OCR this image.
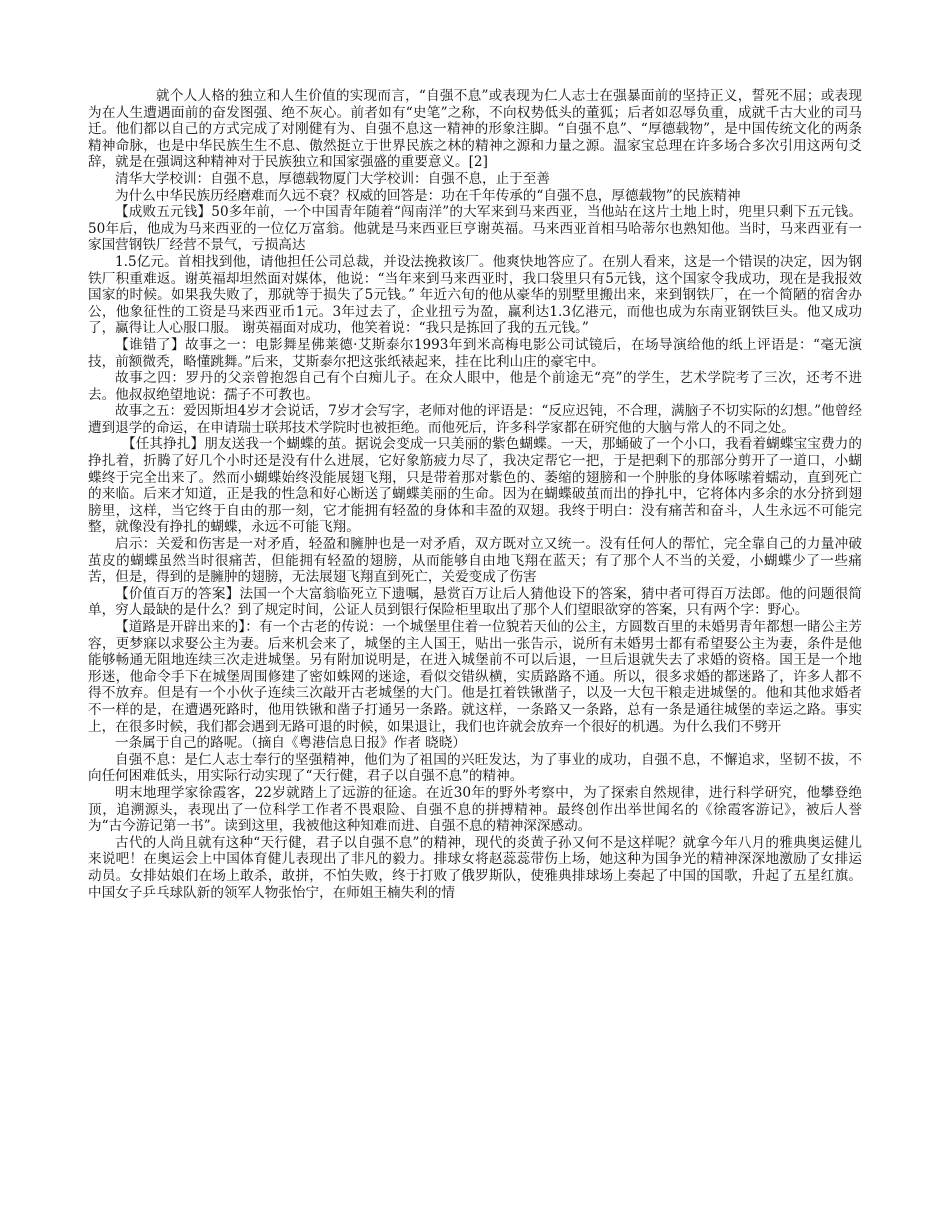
就个人人格的独立和人生价值的实现而言，“自强不息”或表现为仁人志士在强暴面前的坚持正义，誓死不屈；或表现为在人生遭遇面前的奋发图强、绝不灰心。前者如有“史笔”之称，不向权势低头的董狐；后者如忍辱负重，成就千古大业的司马迁。他们都以自己的方式完成了对刚健有为、自强不息这一精神的形象注脚。“自强不息”、“厚德载物”，是中国传统文化的两条精神命脉，也是中华民族生生不息、傲然挺立于世界民族之林的精神之源和力量之源。温家宝总理在许多场合多次引用这两句爻辞，就是在强调这种精神对于民族独立和国家强盛的重要意义。[2]

清华大学校训：自强不息，厚德载物厦门大学校训：自强不息，止于至善

为什么中华民族历经磨难而久远不衰？权威的回答是：功在千年传承的“自强不息，厚德载物”的民族精神

【成败五元钱】50多年前，一个中国青年随着“闯南洋”的大军来到马来西亚，当他站在这片土地上时，兜里只剩下五元钱。50年后，他成为马来西亚的一位亿万富翁。他就是马来西亚巨亨谢英福。马来西亚首相马哈蒂尔也熟知他。当时，马来西亚有一家国营钢铁厂经营不景气，亏损高达

1.5亿元。首相找到他，请他担任公司总裁，并设法挽救该厂。他爽快地答应了。在别人看来，这是一个错误的决定，因为钢铁厂积重难返。谢英福却坦然面对媒体，他说：“当年来到马来西亚时，我口袋里只有5元钱，这个国家令我成功，现在是我报效国家的时候。如果我失败了，那就等于损失了5元钱。” 年近六旬的他从豪华的别墅里搬出来，来到钢铁厂，在一个简陋的宿舍办公，他象征性的工资是马来西亚币1元。3年过去了，企业扭亏为盈，赢利达1.3亿港元，而他也成为东南亚钢铁巨头。他又成功了，赢得让人心服口服。 谢英福面对成功，他笑着说：“我只是拣回了我的五元钱。”

【谁错了】故事之一：电影舞星佛莱德·艾斯泰尔1993年到米高梅电影公司试镜后，在场导演给他的纸上评语是：“毫无演技，前额微秃，略懂跳舞。”后来，艾斯泰尔把这张纸裱起来，挂在比利山庄的豪宅中。

故事之四：罗丹的父亲曾抱怨自己有个白痴儿子。在众人眼中，他是个前途无“亮”的学生，艺术学院考了三次，还考不进去。他叔叔绝望地说：孺子不可教也。

故事之五：爱因斯坦4岁才会说话，7岁才会写字，老师对他的评语是：“反应迟钝，不合理，满脑子不切实际的幻想。”他曾经遭到退学的命运，在申请瑞士联邦技术学院时也被拒绝。而他死后，许多科学家都在研究他的大脑与常人的不同之处。

【任其挣扎】朋友送我一个蝴蝶的茧。据说会变成一只美丽的紫色蝴蝶。一天，那蛹破了一个小口，我看着蝴蝶宝宝费力的挣扎着，折腾了好几个小时还是没有什么进展，它好象筋疲力尽了，我决定帮它一把，于是把剩下的那部分剪开了一道口，小蝴蝶终于完全出来了。然而小蝴蝶始终没能展翅飞翔，只是带着那对紫色的、萎缩的翅膀和一个肿胀的身体啄嗦着蠕动，直到死亡的来临。后来才知道，正是我的性急和好心断送了蝴蝶美丽的生命。因为在蝴蝶破茧而出的挣扎中，它将体内多余的水分挤到翅膀里，这样，当它终于自由的那一刻，它才能拥有轻盈的身体和丰盈的双翅。我终于明白：没有痛苦和奋斗，人生永远不可能完整，就像没有挣扎的蝴蝶，永远不可能飞翔。

启示：关爱和伤害是一对矛盾，轻盈和臃肿也是一对矛盾，双方既对立又统一。没有任何人的帮忙，完全靠自己的力量冲破茧皮的蝴蝶虽然当时很痛苦，但能拥有轻盈的翅膀，从而能够自由地飞翔在蓝天；有了那个人不当的关爱，小蝴蝶少了一些痛苦，但是，得到的是臃肿的翅膀，无法展翅飞翔直到死亡，关爱变成了伤害

【价值百万的答案】法国一个大富翁临死立下遗嘱，悬赏百万让后人猜他设下的答案，猜中者可得百万法郎。他的问题很简单，穷人最缺的是什么？到了规定时间，公证人员到银行保险柜里取出了那个人们望眼欲穿的答案，只有两个字：野心。

【道路是开辟出来的】：有一个古老的传说：一个城堡里住着一位貌若天仙的公主，方圆数百里的未婚男青年都想一睹公主芳容，更梦寐以求娶公主为妻。后来机会来了，城堡的主人国王，贴出一张告示，说所有未婚男士都有希望娶公主为妻，条件是他能够畅通无阻地连续三次走进城堡。另有附加说明是，在进入城堡前不可以后退，一旦后退就失去了求婚的资格。国王是一个地形迷，他命令手下在城堡周围修建了密如蛛网的迷途，看似交错纵横，实质路路不通。所以，很多求婚的都迷路了，许多人都不得不放弃。但是有一个小伙子连续三次敲开古老城堡的大门。他是扛着铁锹凿子，以及一大包干粮走进城堡的。他和其他求婚者不一样的是，在遭遇死路时，他用铁锹和凿子打通另一条路。就这样，一条路又一条路，总有一条是通往城堡的幸运之路。事实上，在很多时候，我们都会遇到无路可退的时候，如果退让，我们也许就会放弃一个很好的机遇。为什么我们不劈开

一条属于自己的路呢。（摘自《粤港信息日报》作者 晓晓）

自强不息：是仁人志士奉行的坚强精神，他们为了祖国的兴旺发达，为了事业的成功，自强不息，不懈追求，坚韧不拔，不向任何困难低头，用实际行动实现了“天行健，君子以自强不息”的精神。

明末地理学家徐霞客，22岁就踏上了远游的征途。在近30年的野外考察中，为了探索自然规律，进行科学研究，他攀登绝顶，追溯源头，表现出了一位科学工作者不畏艰险、自强不息的拼搏精神。最终创作出举世闻名的《徐霞客游记》，被后人誉为“古今游记第一书”。读到这里，我被他这种知难而进、自强不息的精神深深感动。

古代的人尚且就有这种“天行健，君子以自强不息”的精神，现代的炎黄子孙又何不是这样呢？就拿今年八月的雅典奥运健儿来说吧！在奥运会上中国体育健儿表现出了非凡的毅力。排球女将赵蕊蕊带伤上场，她这种为国争光的精神深深地激励了女排运动员。女排姑娘们在场上敢杀，敢拼，不怕失败，终于打败了俄罗斯队，使雅典排球场上奏起了中国的国歌，升起了五星红旗。中国女子乒乓球队新的领军人物张怡宁，在师姐王楠失利的情
